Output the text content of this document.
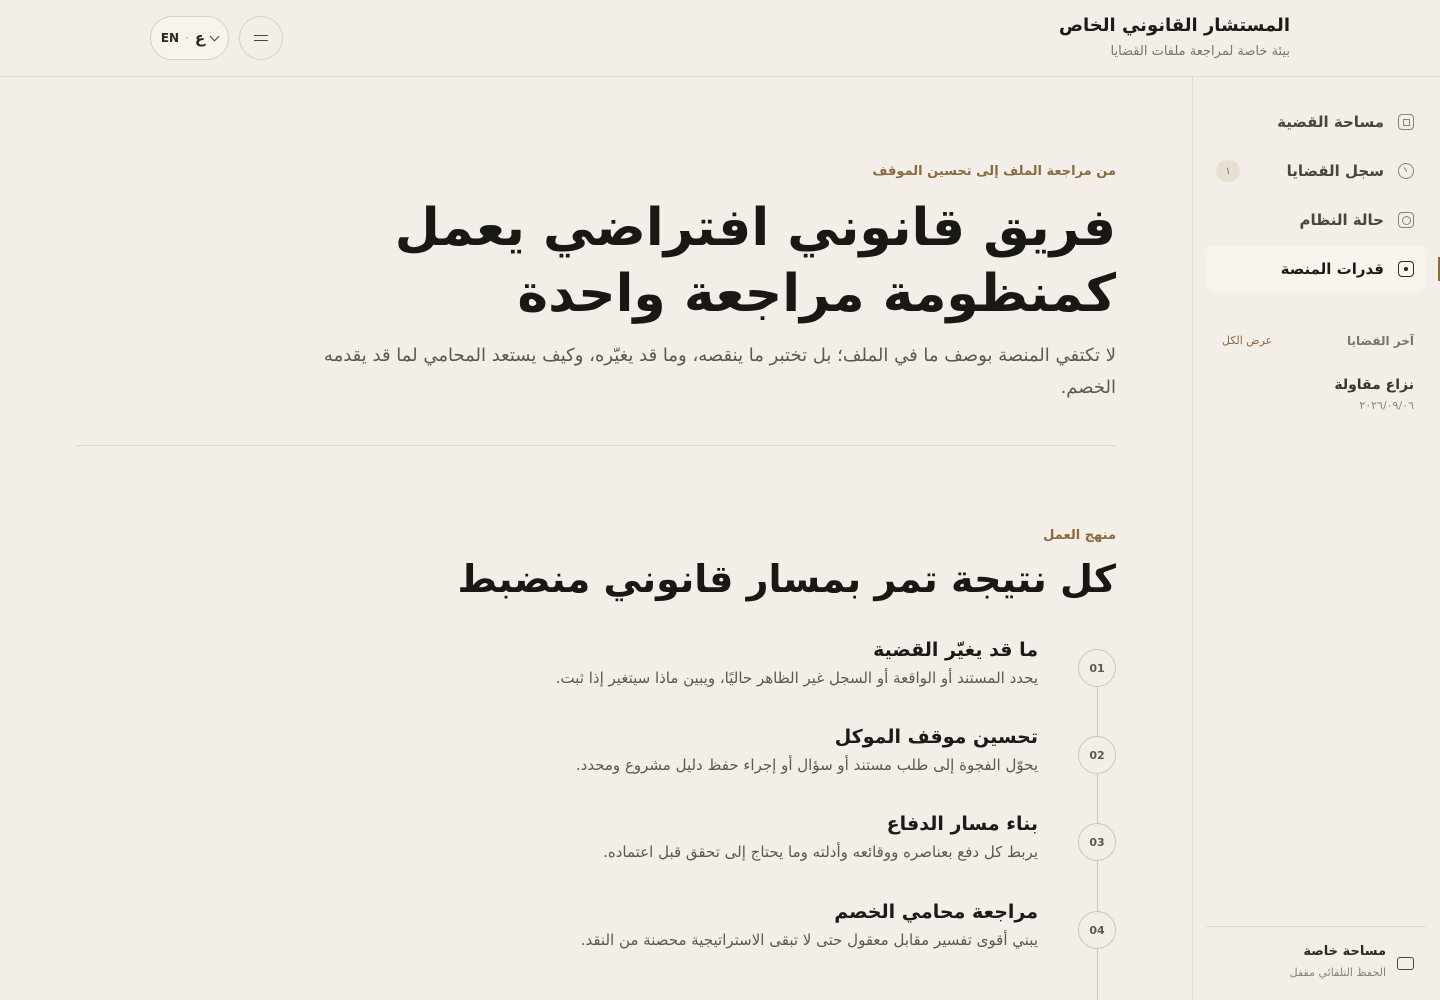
المستشار القانوني الخاص
بيئة خاصة لمراجعة ملفات القضايا
EN · ع
مساحة القضية
سجل القضايا
١
حالة النظام
قدرات المنصة
آخر القضايا
عرض الكل
نزاع مقاولة
٢٠٢٦/٠٩/٠٦
مساحة خاصة
الحفظ التلقائي مقفل
من مراجعة الملف إلى تحسين الموقف
فريق قانوني افتراضي يعمل كمنظومة مراجعة واحدة

لا تكتفي المنصة بوصف ما في الملف؛ بل تختبر ما ينقصه، وما قد يغيّره، وكيف يستعد المحامي لما قد يقدمه الخصم.

منهج العمل
كل نتيجة تمر بمسار قانوني منضبط
01
ما قد يغيّر القضية
يحدد المستند أو الواقعة أو السجل غير الظاهر حاليًا، ويبين ماذا سيتغير إذا ثبت.
02
تحسين موقف الموكل
يحوّل الفجوة إلى طلب مستند أو سؤال أو إجراء حفظ دليل مشروع ومحدد.
03
بناء مسار الدفاع
يربط كل دفع بعناصره ووقائعه وأدلته وما يحتاج إلى تحقق قبل اعتماده.
04
مراجعة محامي الخصم
يبني أقوى تفسير مقابل معقول حتى لا تبقى الاستراتيجية محصنة من النقد.
